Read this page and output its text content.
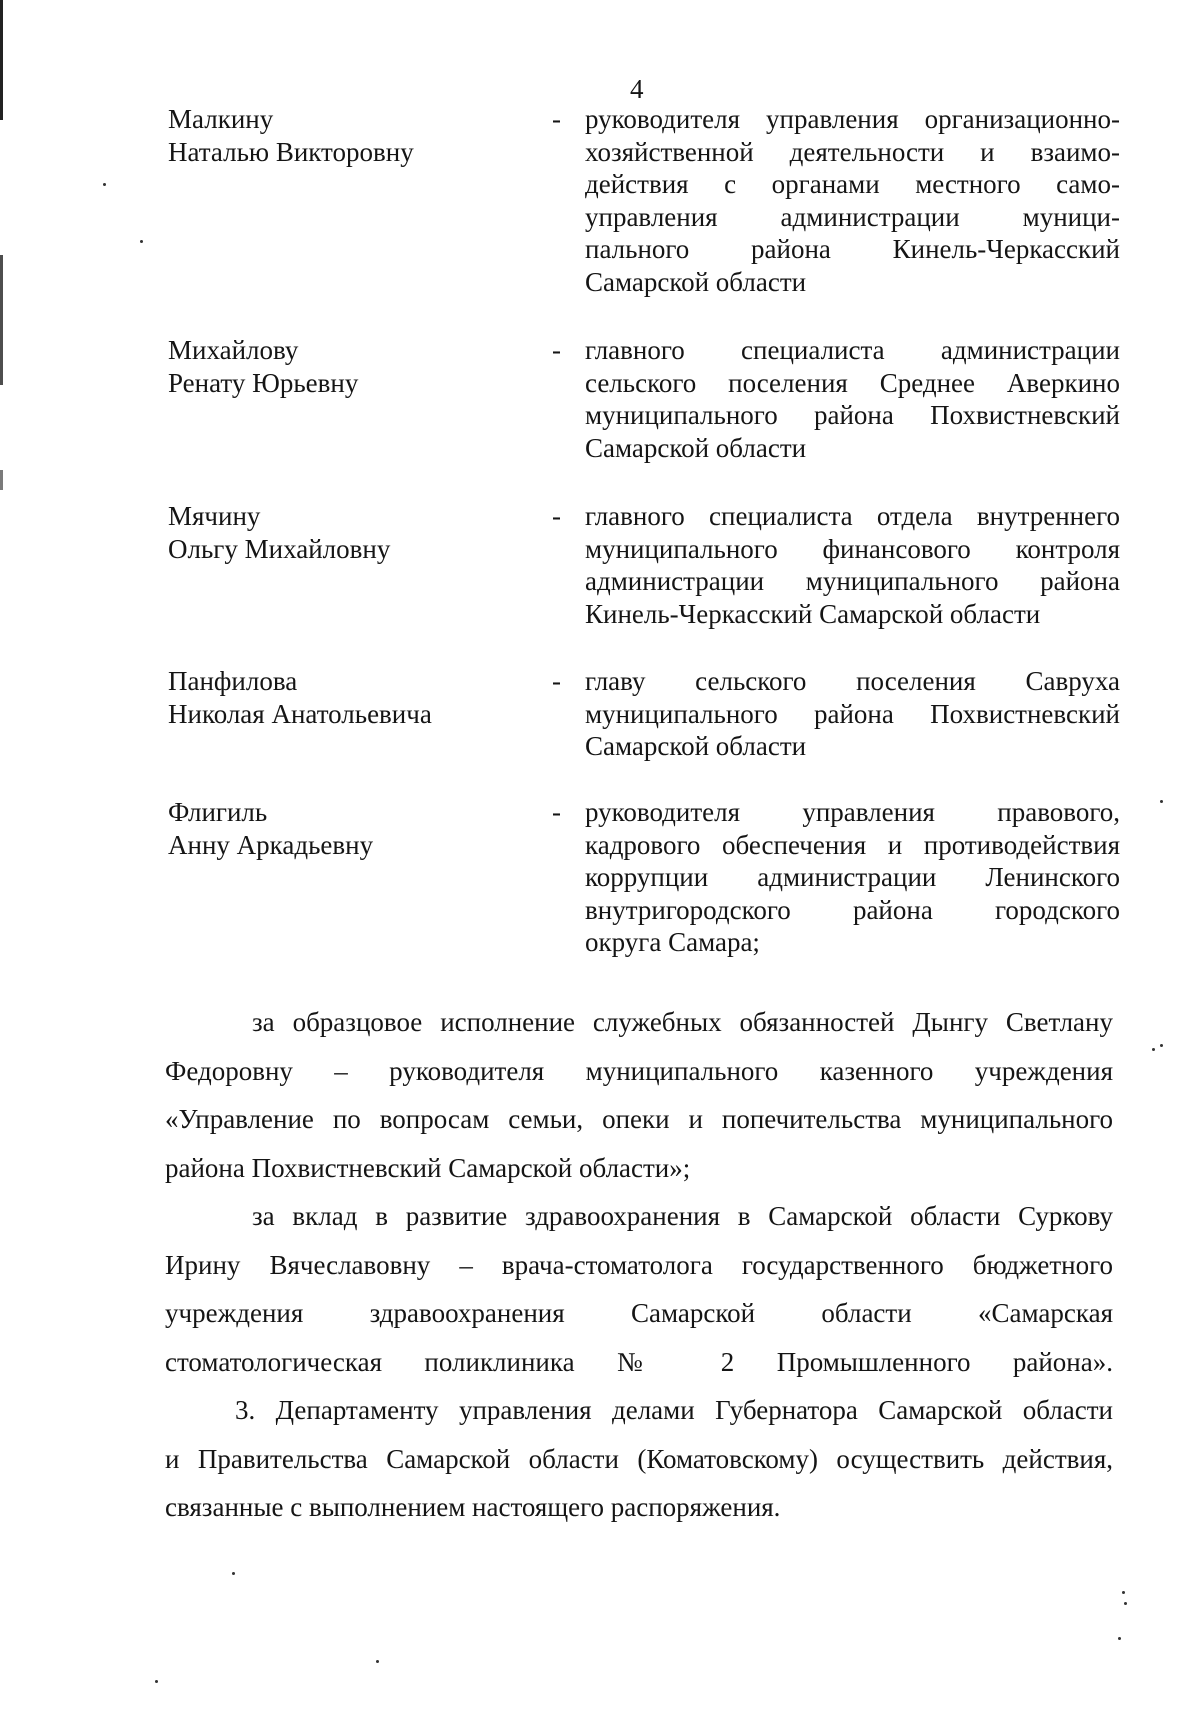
4
Малкину
Наталью Викторовну
- руководителя управления организационно-
хозяйственной деятельности и взаимо-
действия с органами местного само-
управления администрации муници-
пального района Кинель-Черкасский
Самарской области
Михайлову
Ренату Юрьевну
- главного специалиста администрации
сельского поселения Среднее Аверкино
муниципального района Похвистневский
Самарской области
Мячину
Ольгу Михайловну
- главного специалиста отдела внутреннего
муниципального финансового контроля
администрации муниципального района
Кинель-Черкасский Самарской области
Панфилова
Николая Анатольевича
- главу сельского поселения Савруха
муниципального района Похвистневский
Самарской области
Флигиль
Анну Аркадьевну
- руководителя управления правового,
кадрового обеспечения и противодействия
коррупции администрации Ленинского
внутригородского района городского
округа Самара;
за образцовое исполнение служебных обязанностей Дынгу Светлану
Федоровну – руководителя муниципального казенного учреждения
«Управление по вопросам семьи, опеки и попечительства муниципального
района Похвистневский Самарской области»;
за вклад в развитие здравоохранения в Самарской области Суркову
Ирину Вячеславовну – врача-стоматолога государственного бюджетного
учреждения здравоохранения Самарской области «Самарская
стоматологическая поликлиника № 2 Промышленного района».
3. Департаменту управления делами Губернатора Самарской области
и Правительства Самарской области (Коматовскому) осуществить действия,
связанные с выполнением настоящего распоряжения.
